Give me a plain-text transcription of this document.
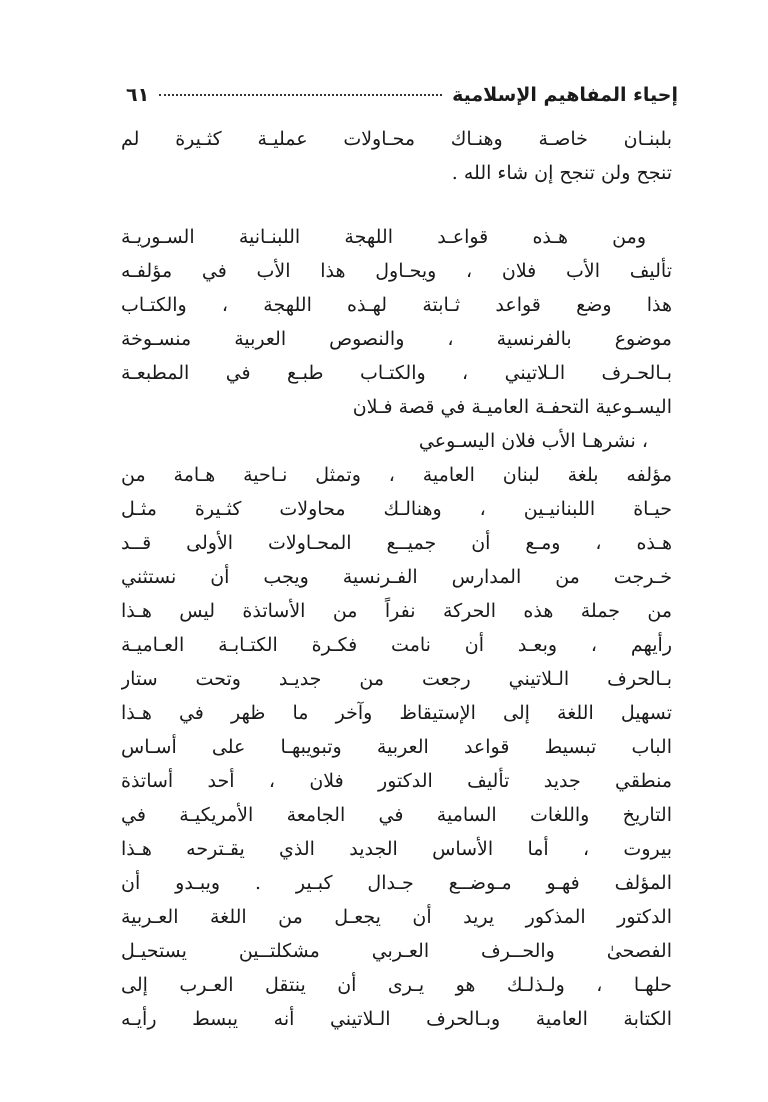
إحياء المفاهيم الإسلامية
٦١
بلبنـان خاصـة وهنـاك محـاولات عمليـة كثـيرة لم
تنجح ولن تنجح إن شاء الله .
ومن هـذه قواعـد اللهجة اللبنـانية السـوريـة
تأليف الأب فلان ، ويحـاول هذا الأب في مؤلفـه
هذا وضع قواعد ثـابتة لهـذه اللهجة ، والكتـاب
موضوع بالفرنسية ، والنصوص العربية منسـوخة
بـالحـرف الـلاتيني ، والكتـاب طبـع في المطبعـة
اليسـوعية التحفـة العاميـة في قصة فـلان
، نشرهـا الأب فلان اليسـوعي
مؤلفه بلغة لبنان العامية ، وتمثل نـاحية هـامة من
حيـاة اللبنانيـين ، وهنالـك محاولات كثـيرة مثـل
هـذه ، ومـع أن جميــع المحـاولات الأولى قــد
خـرجت من المدارس الفـرنسية ويجب أن نستثني
من جملة هذه الحركة نفراً من الأساتذة ليس هـذا
رأيهم ، وبعـد أن نامت فكـرة الكتـابـة العـاميـة
بـالحرف الـلاتيني رجعت من جديـد وتحت ستار
تسهيل اللغة إلى الإستيقاظ وآخر ما ظهر في هـذا
الباب تبسيط قواعد العربية وتبويبهـا على أسـاس
منطقي جديد تأليف الدكتور فلان ، أحد أساتذة
التاريخ واللغات السامية في الجامعة الأمريكيـة في
بيروت ، أما الأساس الجديد الذي يقـترحه هـذا
المؤلف فهـو مـوضــع جـدال كبـير . ويبـدو أن
الدكتور المذكور يريد أن يجعـل من اللغة العـربية
الفصحىٰ والحــرف العـربي مشكلتــين يستحيـل
حلهـا ، ولـذلـك هو يـرى أن ينتقل العـرب إلى
الكتابة العامية وبـالحرف الـلاتيني أنه يبسط رأيـه
